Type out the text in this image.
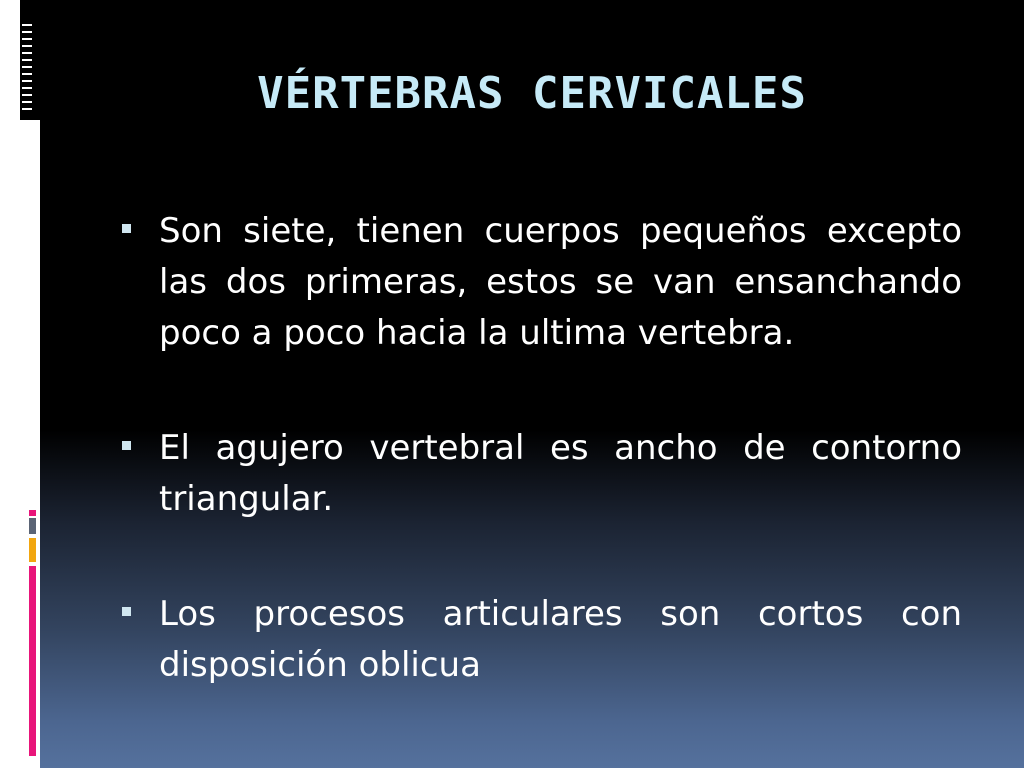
VÉRTEBRAS CERVICALES

Son siete, tienen cuerpos pequeños excepto las dos primeras, estos se van ensanchando poco a poco hacia la ultima vertebra.

El agujero vertebral es ancho de contorno triangular.

Los procesos articulares son cortos con disposición oblicua
